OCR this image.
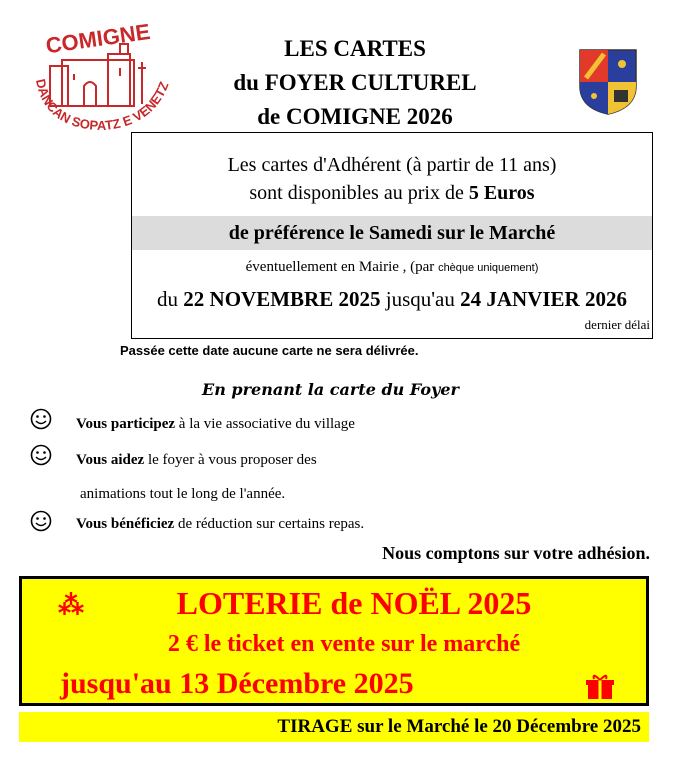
COMIGNE
DANCAN SOPATZ E VENETZ
LES CARTES
du FOYER CULTUREL
de COMIGNE 2026
Les cartes d'Adhérent (à partir de 11 ans)
sont disponibles au prix de 5 Euros
de préférence le Samedi sur le Marché
éventuellement en Mairie , (par chèque uniquement)
du 22 NOVEMBRE 2025 jusqu'au 24 JANVIER 2026
dernier délai
Passée cette date aucune carte ne sera délivrée.
En prenant la carte du Foyer
Vous participez à la vie associative du village
Vous aidez le foyer à vous proposer des
animations tout le long de l'année.
Vous bénéficiez de réduction sur certains repas.
Nous comptons sur votre adhésion.
⁂	LOTERIE de NOËL 2025
2 € le ticket en vente sur le marché
jusqu'au 13 Décembre 2025
TIRAGE sur le Marché le 20 Décembre 2025
